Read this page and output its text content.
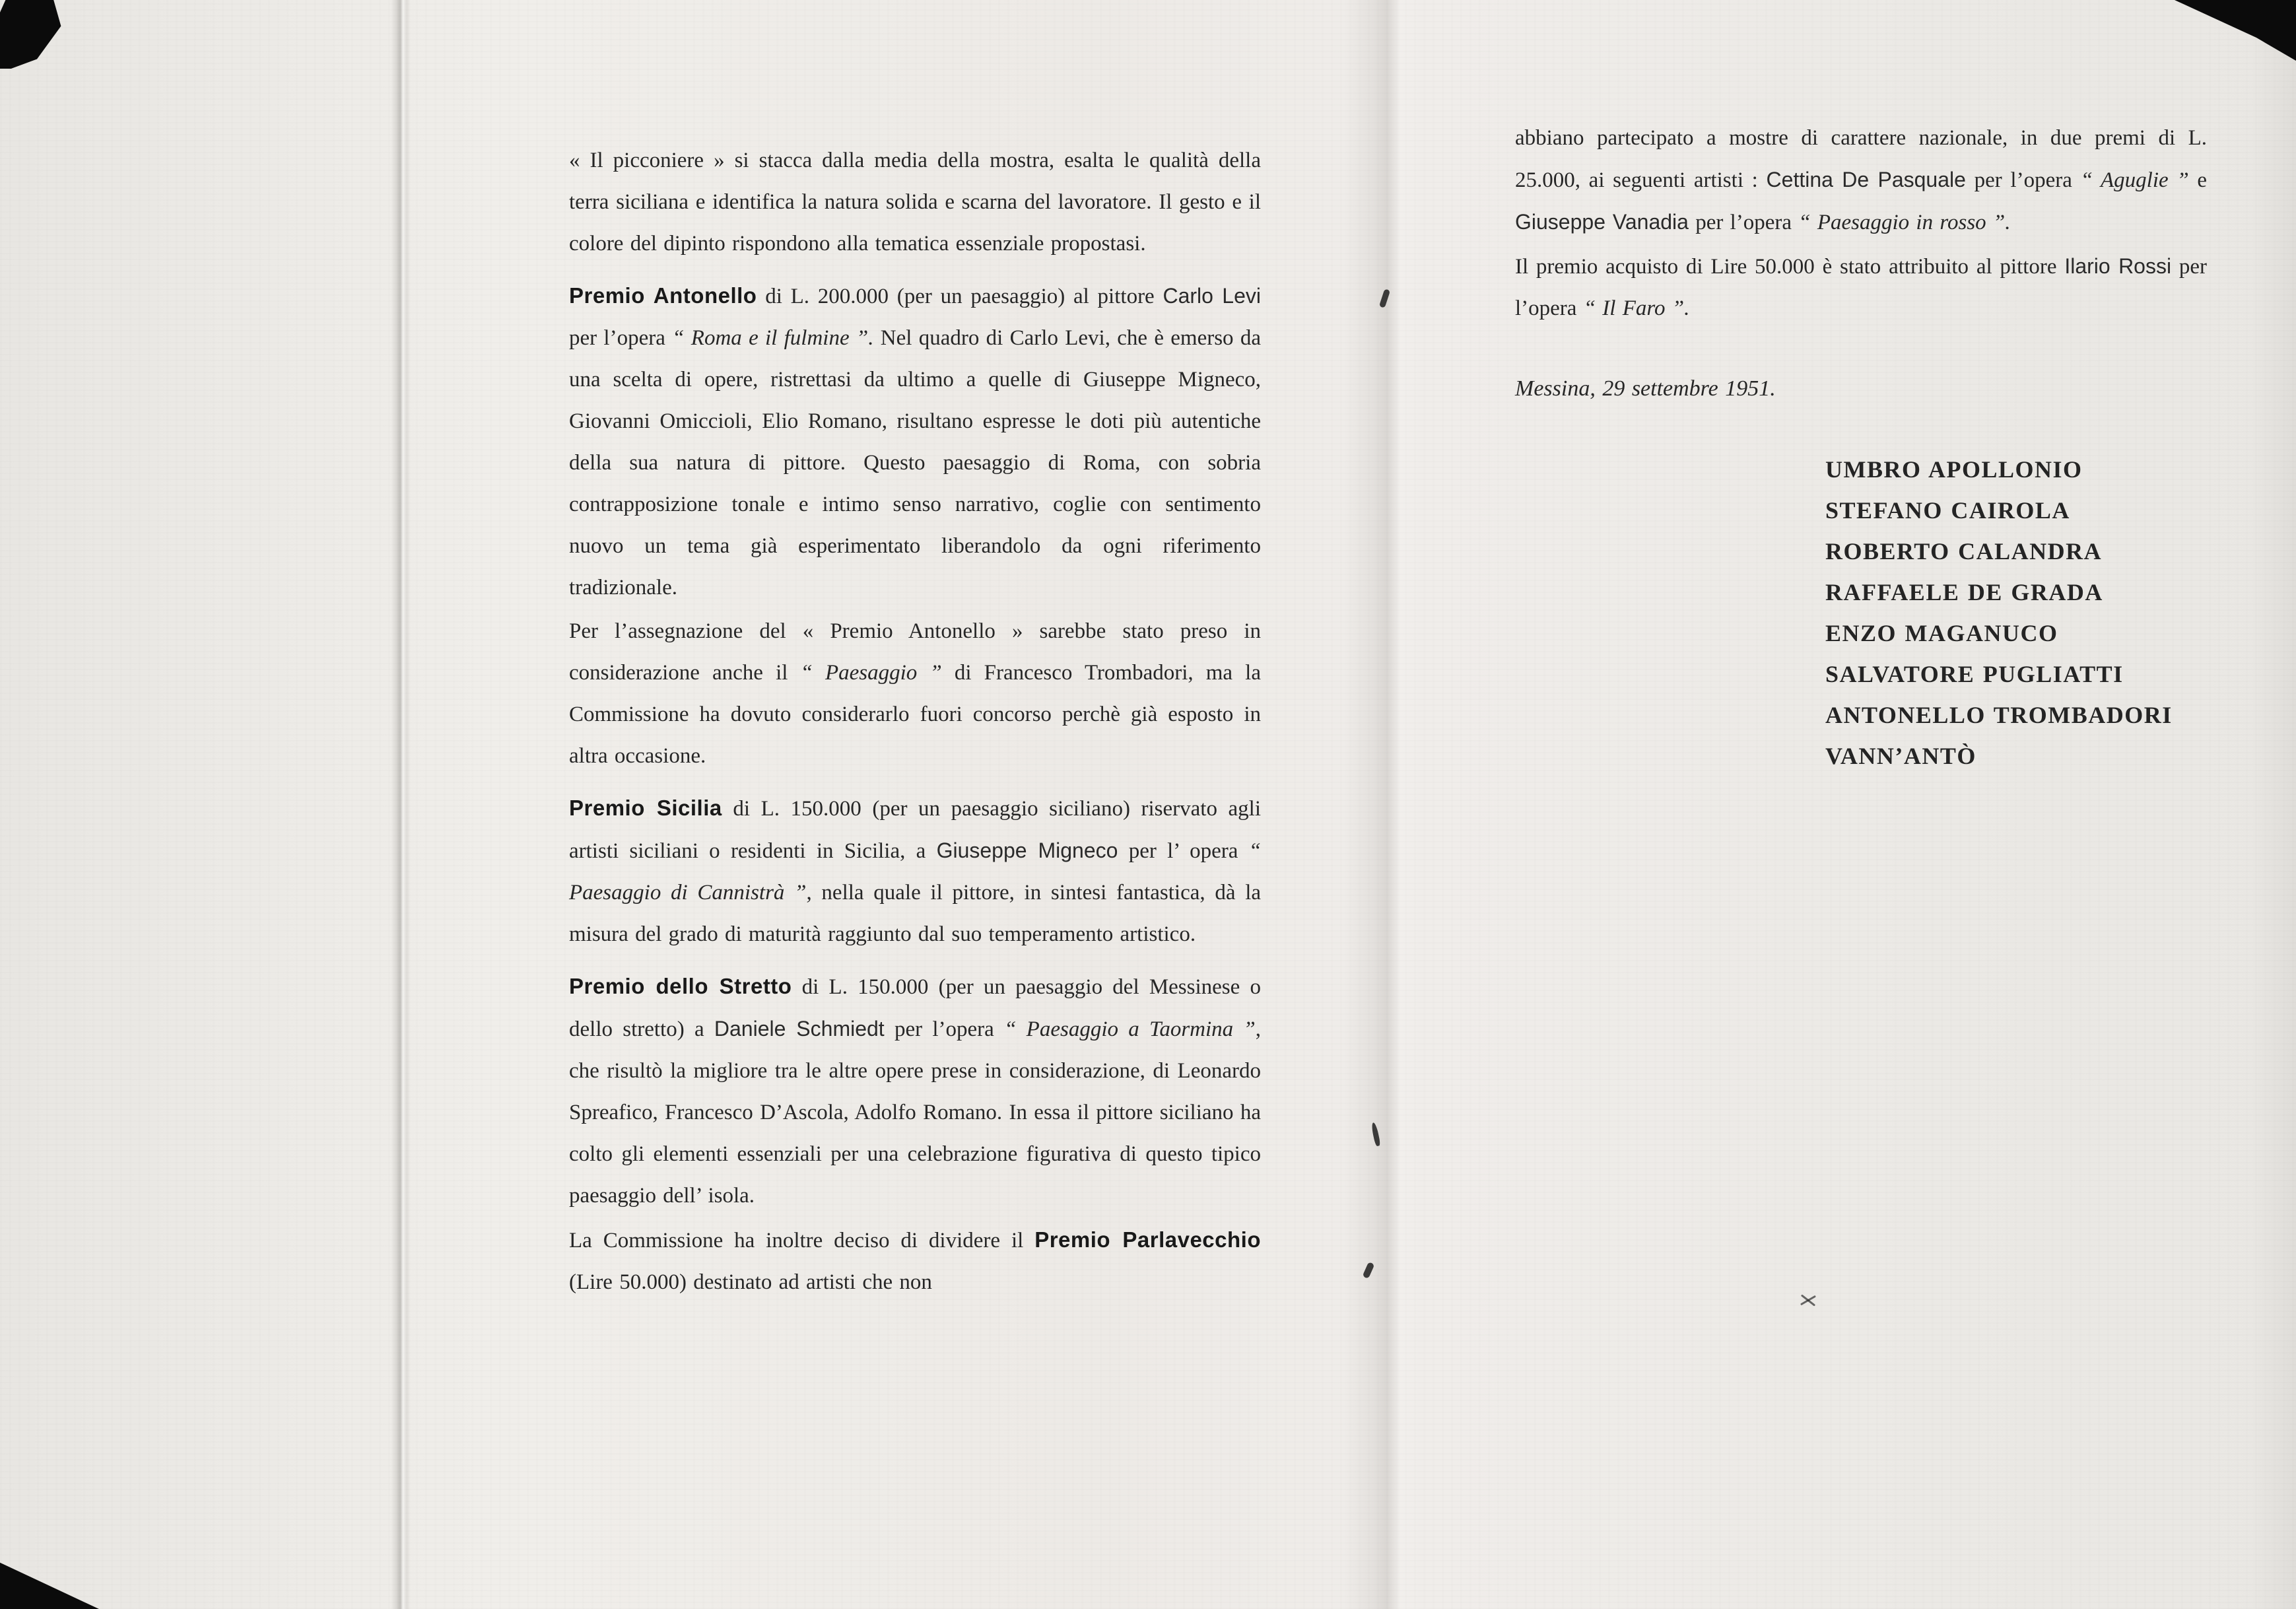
« Il picconiere » si stacca dalla media della mostra, esalta le qualità della terra siciliana e identifica la natura solida e scarna del lavoratore. Il gesto e il colore del dipinto rispondono alla tematica essenziale propostasi.

Premio Antonello di L. 200.000 (per un paesaggio) al pittore Carlo Levi per l’opera “ Roma e il fulmine ”. Nel quadro di Carlo Levi, che è emerso da una scelta di opere, ristrettasi da ultimo a quelle di Giuseppe Migneco, Giovanni Omiccioli, Elio Romano, risultano espresse le doti più autentiche della sua natura di pittore. Questo paesaggio di Roma, con sobria contrapposizione tonale e intimo senso narrativo, coglie con sentimento nuovo un tema già esperimentato liberandolo da ogni riferimento tradizionale.

Per l’assegnazione del « Premio Antonello » sarebbe stato preso in considerazione anche il “ Paesaggio ” di Francesco Trombadori, ma la Commissione ha dovuto considerarlo fuori concorso perchè già esposto in altra occasione.

Premio Sicilia di L. 150.000 (per un paesaggio siciliano) riservato agli artisti siciliani o residenti in Sicilia, a Giuseppe Migneco per l’ opera “ Paesaggio di Cannistrà ”, nella quale il pittore, in sintesi fantastica, dà la misura del grado di maturità raggiunto dal suo temperamento artistico.

Premio dello Stretto di L. 150.000 (per un paesaggio del Messinese o dello stretto) a Daniele Schmiedt per l’opera “ Paesaggio a Taormina ”, che risultò la migliore tra le altre opere prese in considerazione, di Leonardo Spreafico, Francesco D’Ascola, Adolfo Romano. In essa il pittore siciliano ha colto gli elementi essenziali per una celebrazione figurativa di questo tipico paesaggio dell’ isola.

La Commissione ha inoltre deciso di dividere il Premio Parlavecchio (Lire 50.000) destinato ad artisti che non

abbiano partecipato a mostre di carattere nazionale, in due premi di L. 25.000, ai seguenti artisti : Cettina De Pasquale per l’opera “ Aguglie ” e Giuseppe Vanadia per l’opera “ Paesaggio in rosso ”.

Il premio acquisto di Lire 50.000 è stato attribuito al pittore Ilario Rossi per l’opera “ Il Faro ”.

Messina, 29 settembre 1951.
UMBRO APOLLONIO
STEFANO CAIROLA
ROBERTO CALANDRA
RAFFAELE DE GRADA
ENZO MAGANUCO
SALVATORE PUGLIATTI
ANTONELLO TROMBADORI
VANN’ANTÒ
